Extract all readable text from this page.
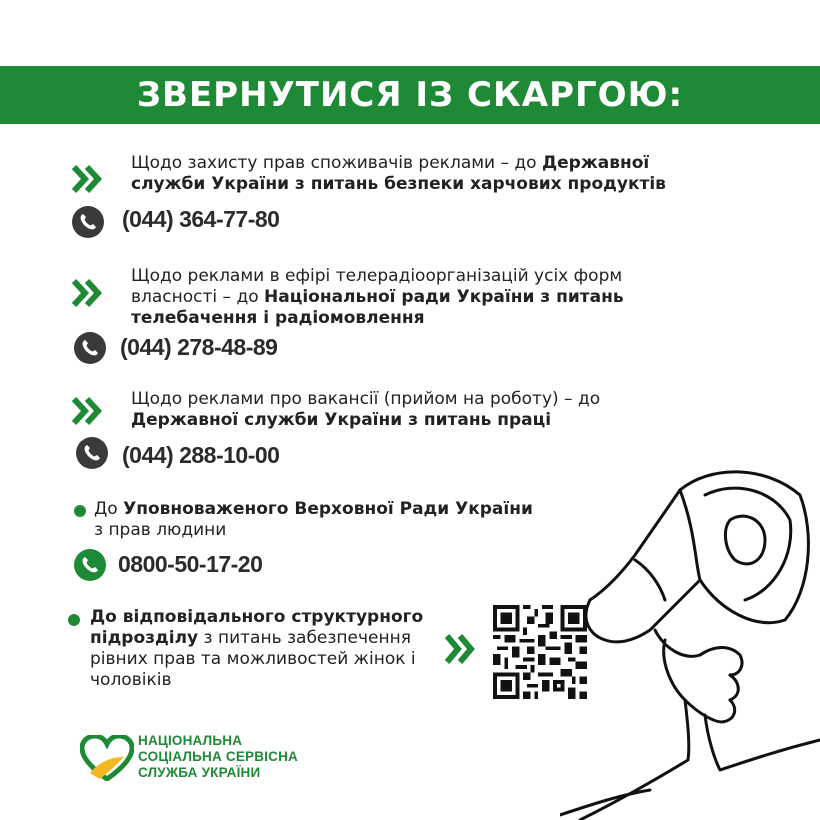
ЗВЕРНУТИСЯ ІЗ СКАРГОЮ:
Щодо захисту прав споживачів реклами – до Державної служби України з питань безпеки харчових продуктів
(044) 364-77-80
Щодо реклами в ефірі телерадіоорганізацій усіх форм власності – до Національної ради України з питань телебачення і радіомовлення
(044) 278-48-89
Щодо реклами про вакансії (прийом на роботу) – до Державної служби України з питань праці
(044) 288-10-00
До Уповноваженого Верховної Ради України
з прав людини
0800-50-17-20
До відповідального структурного підрозділу з питань забезпечення рівних прав та можливостей жінок і чоловіків
НАЦІОНАЛЬНА
СОЦІАЛЬНА СЕРВІСНА
СЛУЖБА УКРАЇНИ
